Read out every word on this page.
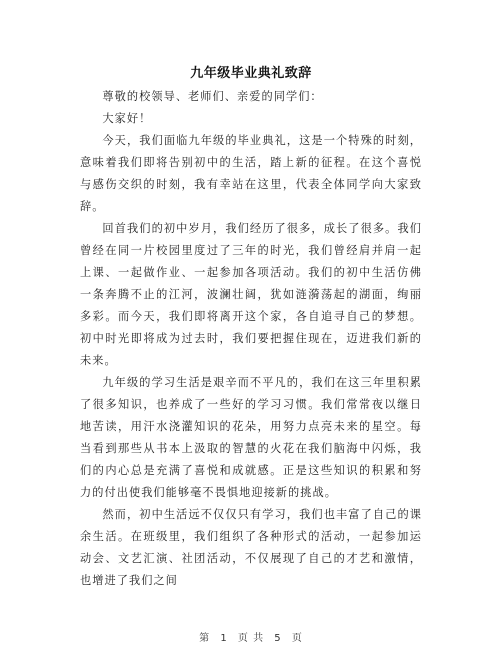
九年级毕业典礼致辞

尊敬的校领导、老师们、亲爱的同学们：

大家好！

今天，我们面临九年级的毕业典礼，这是一个特殊的时刻，意味着我们即将告别初中的生活，踏上新的征程。在这个喜悦与感伤交织的时刻，我有幸站在这里，代表全体同学向大家致辞。

回首我们的初中岁月，我们经历了很多，成长了很多。我们曾经在同一片校园里度过了三年的时光，我们曾经肩并肩一起上课、一起做作业、一起参加各项活动。我们的初中生活仿佛一条奔腾不止的江河，波澜壮阔，犹如涟漪荡起的湖面，绚丽多彩。而今天，我们即将离开这个家，各自追寻自己的梦想。初中时光即将成为过去时，我们要把握住现在，迈进我们新的未来。

九年级的学习生活是艰辛而不平凡的，我们在这三年里积累了很多知识，也养成了一些好的学习习惯。我们常常夜以继日地苦读，用汗水浇灌知识的花朵，用努力点亮未来的星空。每当看到那些从书本上汲取的智慧的火花在我们脑海中闪烁，我们的内心总是充满了喜悦和成就感。正是这些知识的积累和努力的付出使我们能够毫不畏惧地迎接新的挑战。

然而，初中生活远不仅仅只有学习，我们也丰富了自己的课余生活。在班级里，我们组织了各种形式的活动，一起参加运动会、文艺汇演、社团活动，不仅展现了自己的才艺和激情，也增进了我们之间

第 1 页 共 5 页
